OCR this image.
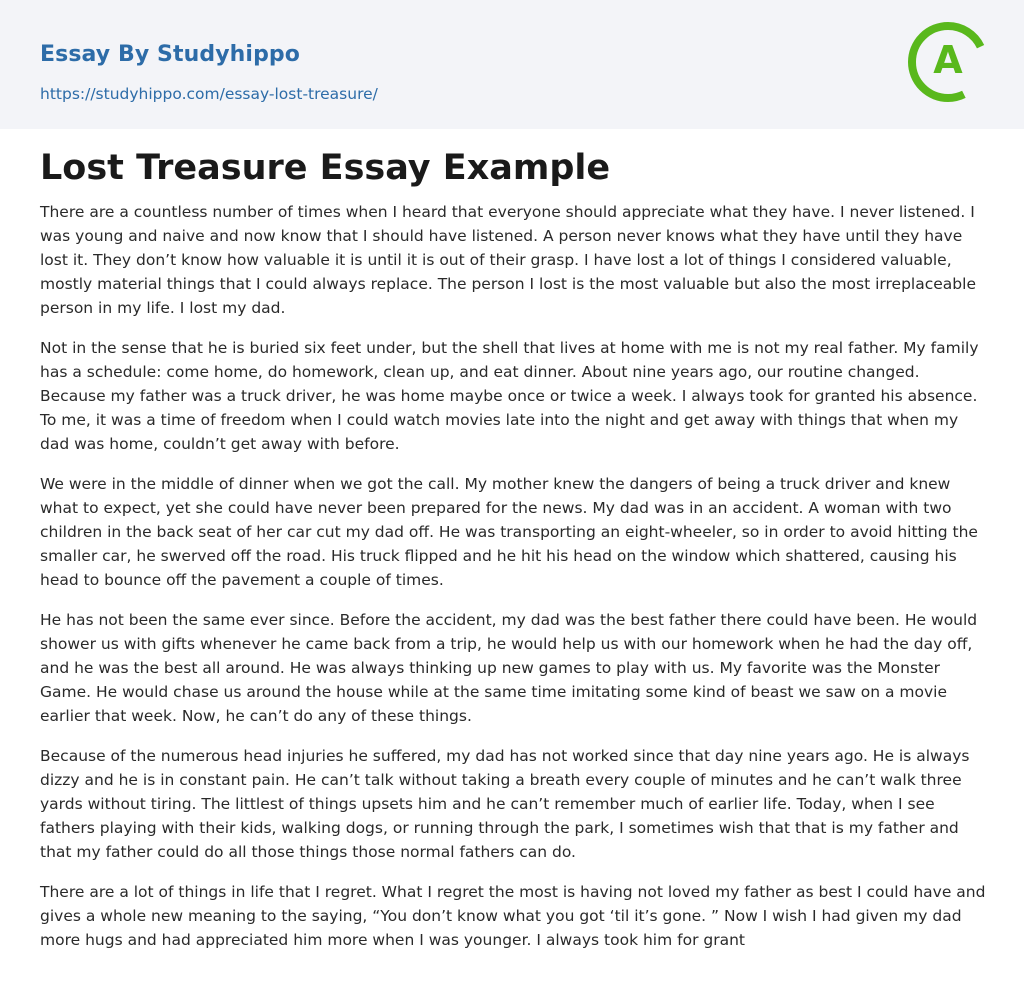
Essay By Studyhippo
https://studyhippo.com/essay-lost-treasure/
A
Lost Treasure Essay Example

There are a countless number of times when I heard that everyone should appreciate what they have. I never listened. I was young and naive and now know that I should have listened. A person never knows what they have until they have lost it. They don’t know how valuable it is until it is out of their grasp. I have lost a lot of things I considered valuable, mostly material things that I could always replace. The person I lost is the most valuable but also the most irreplaceable person in my life. I lost my dad.

Not in the sense that he is buried six feet under, but the shell that lives at home with me is not my real father. My family has a schedule: come home, do homework, clean up, and eat dinner. About nine years ago, our routine changed. Because my father was a truck driver, he was home maybe once or twice a week. I always took for granted his absence. To me, it was a time of freedom when I could watch movies late into the night and get away with things that when my dad was home, couldn’t get away with before.

We were in the middle of dinner when we got the call. My mother knew the dangers of being a truck driver and knew what to expect, yet she could have never been prepared for the news. My dad was in an accident. A woman with two children in the back seat of her car cut my dad off. He was transporting an eight-wheeler, so in order to avoid hitting the smaller car, he swerved off the road. His truck flipped and he hit his head on the window which shattered, causing his head to bounce off the pavement a couple of times.

He has not been the same ever since. Before the accident, my dad was the best father there could have been. He would shower us with gifts whenever he came back from a trip, he would help us with our homework when he had the day off, and he was the best all around. He was always thinking up new games to play with us. My favorite was the Monster Game. He would chase us around the house while at the same time imitating some kind of beast we saw on a movie earlier that week. Now, he can’t do any of these things.

Because of the numerous head injuries he suffered, my dad has not worked since that day nine years ago. He is always dizzy and he is in constant pain. He can’t talk without taking a breath every couple of minutes and he can’t walk three yards without tiring. The littlest of things upsets him and he can’t remember much of earlier life. Today, when I see fathers playing with their kids, walking dogs, or running through the park, I sometimes wish that that is my father and that my father could do all those things those normal fathers can do.

There are a lot of things in life that I regret. What I regret the most is having not loved my father as best I could have and gives a whole new meaning to the saying, “You don’t know what you got ‘til it’s gone. ” Now I wish I had given my dad more hugs and had appreciated him more when I was younger. I always took him for grant
